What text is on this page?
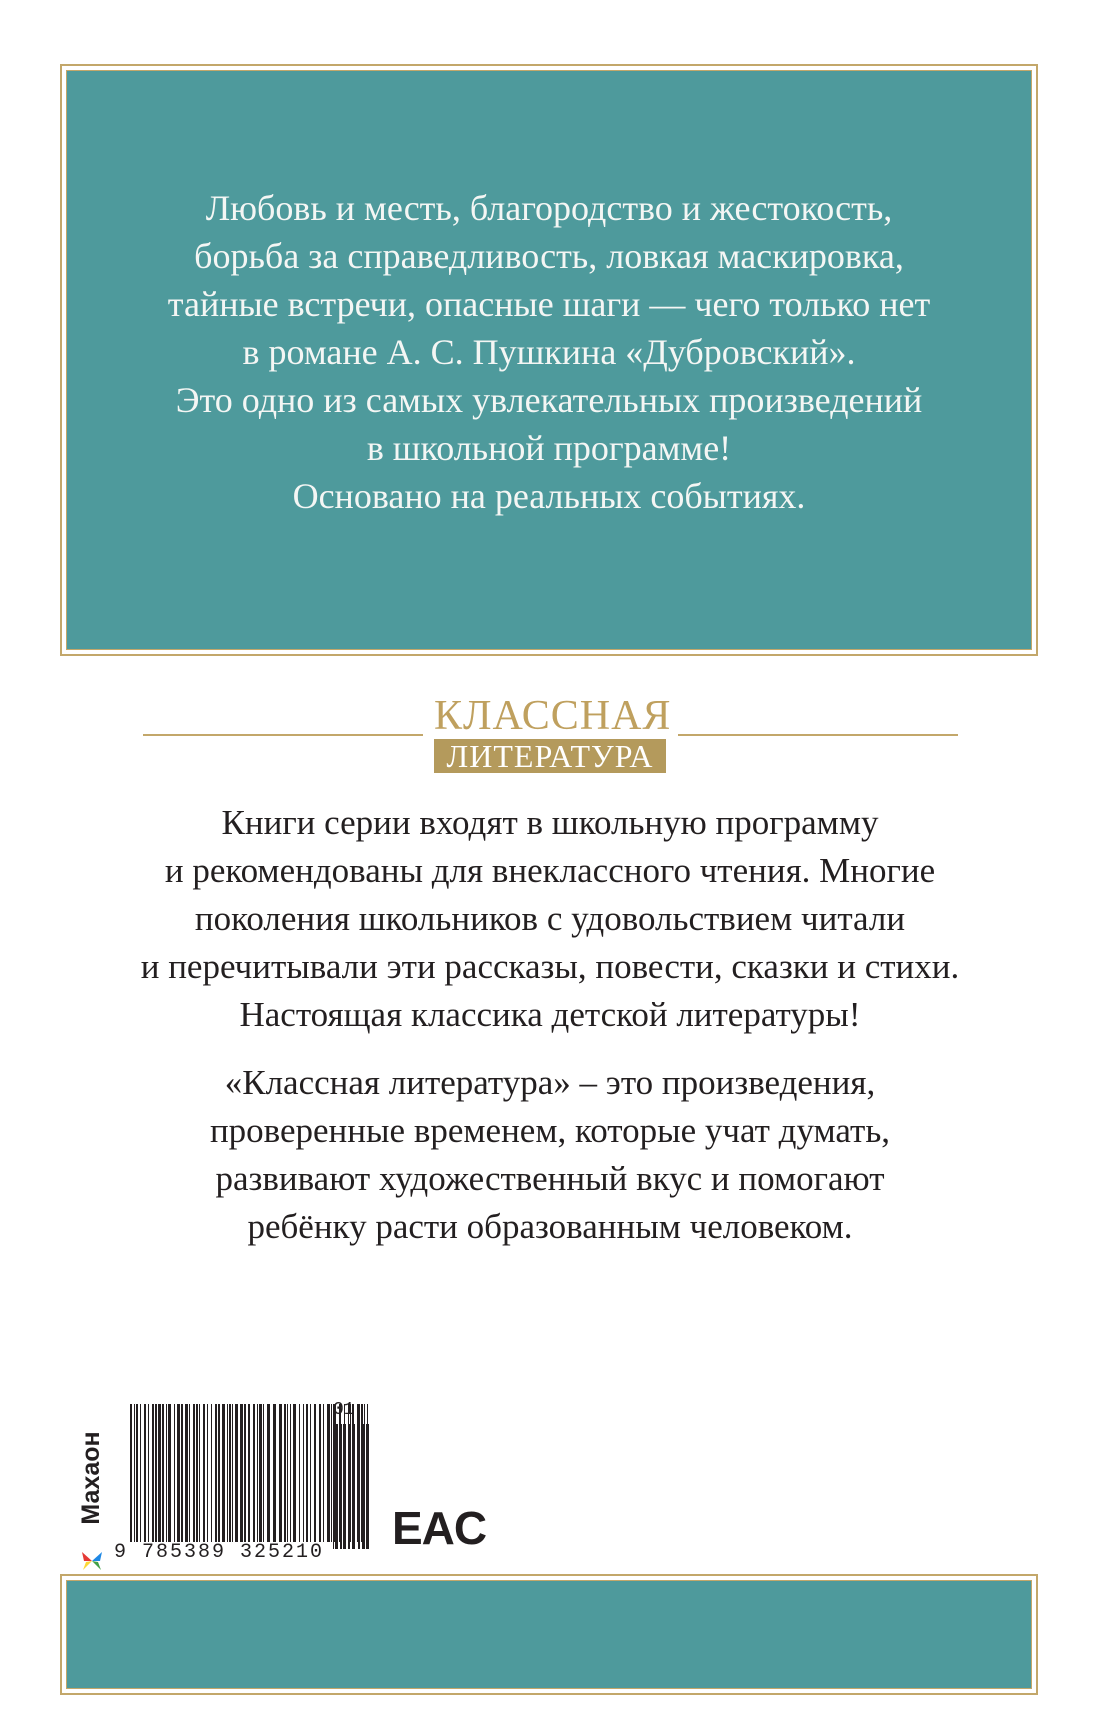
Любовь и месть, благородство и жестокость,
борьба за справедливость, ловкая маскировка,
тайные встречи, опасные шаги — чего только нет
в романе А. С. Пушкина «Дубровский».
Это одно из самых увлекательных произведений
в школьной программе!
Основано на реальных событиях.
КЛАССНАЯ
ЛИТЕРАТУРА
Книги серии входят в школьную программу
и рекомендованы для внеклассного чтения. Многие
поколения школьников с удовольствием читали
и перечитывали эти рассказы, повести, сказки и стихи.
Настоящая классика детской литературы!
«Классная литература» – это произведения,
проверенные временем, которые учат думать,
развивают художественный вкус и помогают
ребёнку расти образованным человеком.
Махаон
9 785389 325210
01
EAC
